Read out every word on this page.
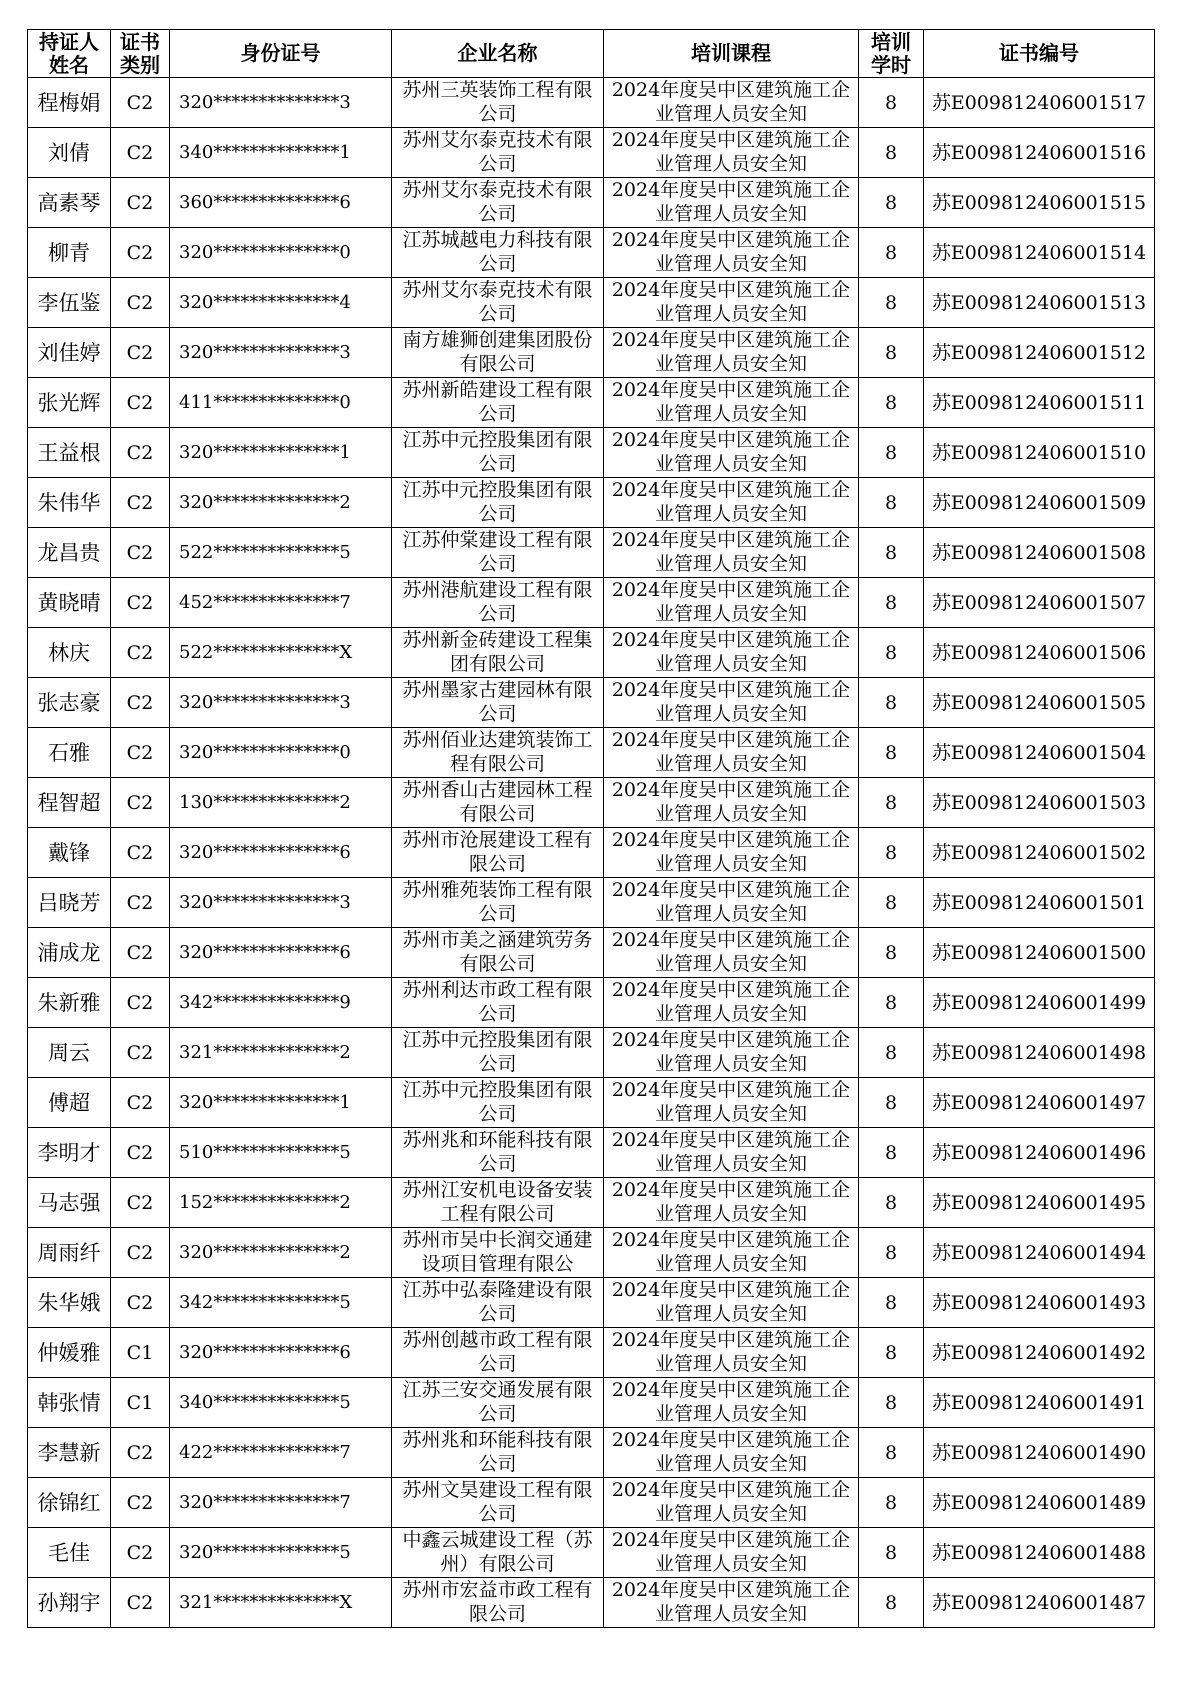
持证人姓名	证书类别	身份证号	企业名称	培训课程	培训学时	证书编号
程梅娟	C2	320**************3	苏州三英装饰工程有限公司	2024年度吴中区建筑施工企业管理人员安全知	8	苏E009812406001517
刘倩	C2	340**************1	苏州艾尔泰克技术有限公司	2024年度吴中区建筑施工企业管理人员安全知	8	苏E009812406001516
高素琴	C2	360**************6	苏州艾尔泰克技术有限公司	2024年度吴中区建筑施工企业管理人员安全知	8	苏E009812406001515
柳青	C2	320**************0	江苏城越电力科技有限公司	2024年度吴中区建筑施工企业管理人员安全知	8	苏E009812406001514
李伍鉴	C2	320**************4	苏州艾尔泰克技术有限公司	2024年度吴中区建筑施工企业管理人员安全知	8	苏E009812406001513
刘佳婷	C2	320**************3	南方雄狮创建集团股份有限公司	2024年度吴中区建筑施工企业管理人员安全知	8	苏E009812406001512
张光辉	C2	411**************0	苏州新皓建设工程有限公司	2024年度吴中区建筑施工企业管理人员安全知	8	苏E009812406001511
王益根	C2	320**************1	江苏中元控股集团有限公司	2024年度吴中区建筑施工企业管理人员安全知	8	苏E009812406001510
朱伟华	C2	320**************2	江苏中元控股集团有限公司	2024年度吴中区建筑施工企业管理人员安全知	8	苏E009812406001509
龙昌贵	C2	522**************5	江苏仲棠建设工程有限公司	2024年度吴中区建筑施工企业管理人员安全知	8	苏E009812406001508
黄晓晴	C2	452**************7	苏州港航建设工程有限公司	2024年度吴中区建筑施工企业管理人员安全知	8	苏E009812406001507
林庆	C2	522**************X	苏州新金砖建设工程集团有限公司	2024年度吴中区建筑施工企业管理人员安全知	8	苏E009812406001506
张志豪	C2	320**************3	苏州墨家古建园林有限公司	2024年度吴中区建筑施工企业管理人员安全知	8	苏E009812406001505
石雅	C2	320**************0	苏州佰业达建筑装饰工程有限公司	2024年度吴中区建筑施工企业管理人员安全知	8	苏E009812406001504
程智超	C2	130**************2	苏州香山古建园林工程有限公司	2024年度吴中区建筑施工企业管理人员安全知	8	苏E009812406001503
戴锋	C2	320**************6	苏州市沧展建设工程有限公司	2024年度吴中区建筑施工企业管理人员安全知	8	苏E009812406001502
吕晓芳	C2	320**************3	苏州雅苑装饰工程有限公司	2024年度吴中区建筑施工企业管理人员安全知	8	苏E009812406001501
浦成龙	C2	320**************6	苏州市美之涵建筑劳务有限公司	2024年度吴中区建筑施工企业管理人员安全知	8	苏E009812406001500
朱新雅	C2	342**************9	苏州利达市政工程有限公司	2024年度吴中区建筑施工企业管理人员安全知	8	苏E009812406001499
周云	C2	321**************2	江苏中元控股集团有限公司	2024年度吴中区建筑施工企业管理人员安全知	8	苏E009812406001498
傅超	C2	320**************1	江苏中元控股集团有限公司	2024年度吴中区建筑施工企业管理人员安全知	8	苏E009812406001497
李明才	C2	510**************5	苏州兆和环能科技有限公司	2024年度吴中区建筑施工企业管理人员安全知	8	苏E009812406001496
马志强	C2	152**************2	苏州江安机电设备安装工程有限公司	2024年度吴中区建筑施工企业管理人员安全知	8	苏E009812406001495
周雨纤	C2	320**************2	苏州市吴中长润交通建设项目管理有限公	2024年度吴中区建筑施工企业管理人员安全知	8	苏E009812406001494
朱华娥	C2	342**************5	江苏中弘泰隆建设有限公司	2024年度吴中区建筑施工企业管理人员安全知	8	苏E009812406001493
仲媛雅	C1	320**************6	苏州创越市政工程有限公司	2024年度吴中区建筑施工企业管理人员安全知	8	苏E009812406001492
韩张情	C1	340**************5	江苏三安交通发展有限公司	2024年度吴中区建筑施工企业管理人员安全知	8	苏E009812406001491
李慧新	C2	422**************7	苏州兆和环能科技有限公司	2024年度吴中区建筑施工企业管理人员安全知	8	苏E009812406001490
徐锦红	C2	320**************7	苏州文昊建设工程有限公司	2024年度吴中区建筑施工企业管理人员安全知	8	苏E009812406001489
毛佳	C2	320**************5	中鑫云城建设工程（苏州）有限公司	2024年度吴中区建筑施工企业管理人员安全知	8	苏E009812406001488
孙翔宇	C2	321**************X	苏州市宏益市政工程有限公司	2024年度吴中区建筑施工企业管理人员安全知	8	苏E009812406001487
